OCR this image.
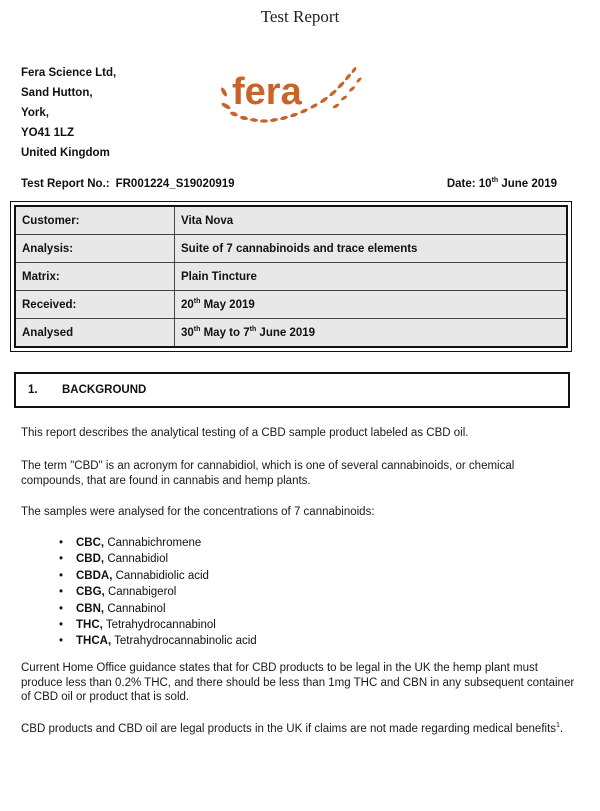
Test Report
Fera Science Ltd,
Sand Hutton,
York,
YO41 1LZ
United Kingdom
fera
Test Report No.: FR001224_S19020919	Date: 10th June 2019
Customer:	Vita Nova
Analysis:	Suite of 7 cannabinoids and trace elements
Matrix:	Plain Tincture
Received:	20th May 2019
Analysed	30th May to 7th June 2019
1.	BACKGROUND
This report describes the analytical testing of a CBD sample product labeled as CBD oil.
The term "CBD" is an acronym for cannabidiol, which is one of several cannabinoids, or chemical compounds, that are found in cannabis and hemp plants.
The samples were analysed for the concentrations of 7 cannabinoids:
• CBC, Cannabichromene
• CBD, Cannabidiol
• CBDA, Cannabidiolic acid
• CBG, Cannabigerol
• CBN, Cannabinol
• THC, Tetrahydrocannabinol
• THCA, Tetrahydrocannabinolic acid
Current Home Office guidance states that for CBD products to be legal in the UK the hemp plant must produce less than 0.2% THC, and there should be less than 1mg THC and CBN in any subsequent container of CBD oil or product that is sold.
CBD products and CBD oil are legal products in the UK if claims are not made regarding medical benefits$^1$.
